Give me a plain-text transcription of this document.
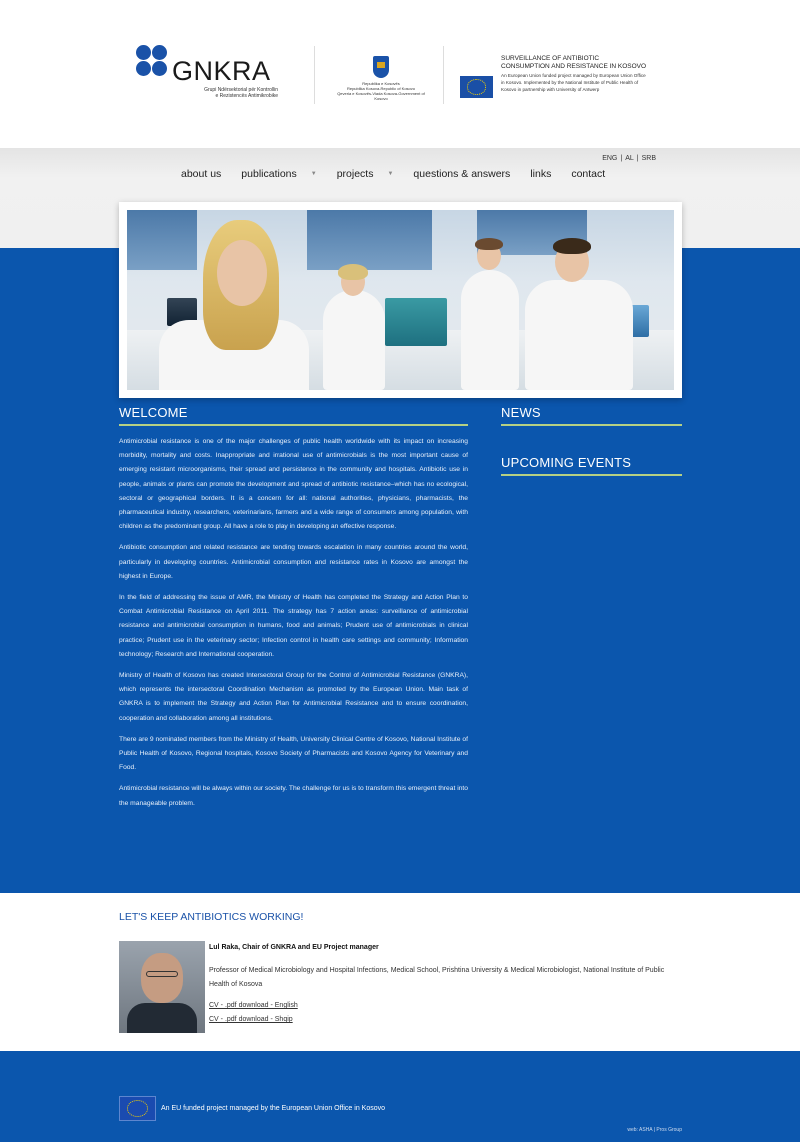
GNKRA
Grupi Ndërsektorial për Kontrollin
e Rezistencës Antimikrobike
Republika e Kosovës
Republika Kosova-Republic of Kosovo
Qeveria e Kosovës-Vlada Kosova-Government of Kosovo
SURVEILLANCE OF ANTIBIOTIC
CONSUMPTION AND RESISTANCE IN KOSOVO
An European Union funded project managed by European Union Office
in Kosovo. Implemented by the National Institute of Public Health of
Kosovo in partnership with University of Antwerp
ENG | AL | SRB
about us publications ▼ projects ▼ questions & answers links contact
WELCOME

Antimicrobial resistance is one of the major challenges of public health worldwide with its impact on increasing morbidity, mortality and costs. Inappropriate and irrational use of antimicrobials is the most important cause of emerging resistant microorganisms, their spread and persistence in the community and hospitals. Antibiotic use in people, animals or plants can promote the development and spread of antibiotic resistance–which has no ecological, sectoral or geographical borders. It is a concern for all: national authorities, physicians, pharmacists, the pharmaceutical industry, researchers, veterinarians, farmers and a wide range of consumers among population, with children as the predominant group. All have a role to play in developing an effective response.

Antibiotic consumption and related resistance are tending towards escalation in many countries around the world, particularly in developing countries. Antimicrobial consumption and resistance rates in Kosovo are amongst the highest in Europe.

In the field of addressing the issue of AMR, the Ministry of Health has completed the Strategy and Action Plan to Combat Antimicrobial Resistance on April 2011. The strategy has 7 action areas: surveillance of antimicrobial resistance and antimicrobial consumption in humans, food and animals; Prudent use of antimicrobials in clinical practice; Prudent use in the veterinary sector; Infection control in health care settings and community; Information technology; Research and International cooperation.

Ministry of Health of Kosovo has created Intersectoral Group for the Control of Antimicrobial Resistance (GNKRA), which represents the intersectoral Coordination Mechanism as promoted by the European Union. Main task of GNKRA is to implement the Strategy and Action Plan for Antimicrobial Resistance and to ensure coordination, cooperation and collaboration among all institutions.

There are 9 nominated members from the Ministry of Health, University Clinical Centre of Kosovo, National Institute of Public Health of Kosovo, Regional hospitals, Kosovo Society of Pharmacists and Kosovo Agency for Veterinary and Food.

Antimicrobial resistance will be always within our society. The challenge for us is to transform this emergent threat into the manageable problem.

NEWS
UPCOMING EVENTS
LET'S KEEP ANTIBIOTICS WORKING!
Lul Raka, Chair of GNKRA and EU Project manager
Professor of Medical Microbiology and Hospital Infections, Medical School, Prishtina University & Medical Microbiologist, National Institute of Public Health of Kosova
CV - .pdf download - English
CV - .pdf download - Shqip
An EU funded project managed by the European Union Office in Kosovo
web: ASHA | Pros Group
